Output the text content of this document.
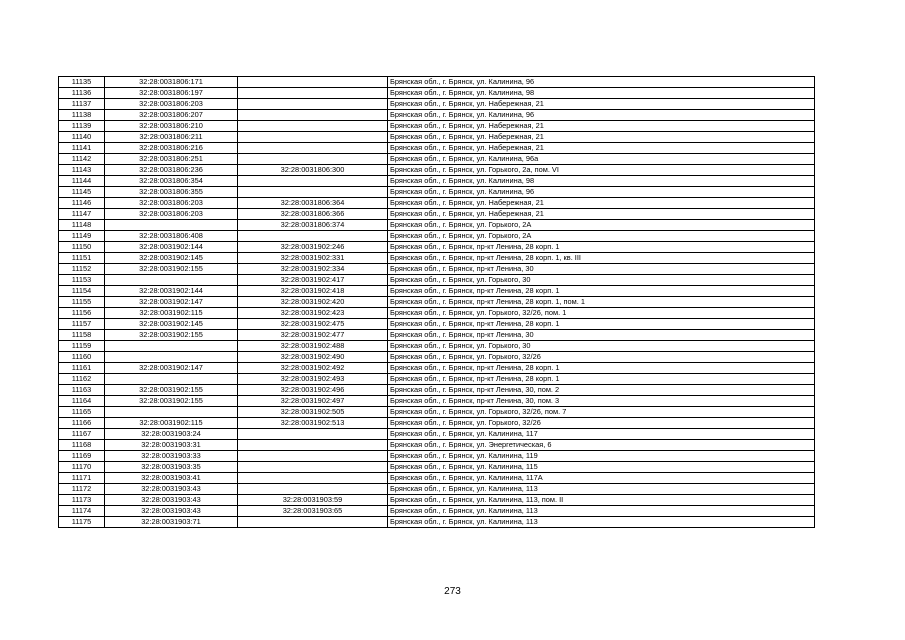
11135	32:28:0031806:171		Брянская обл., г. Брянск, ул. Калинина, 96
11136	32:28:0031806:197		Брянская обл., г. Брянск, ул. Калинина, 98
11137	32:28:0031806:203		Брянская обл., г. Брянск, ул. Набережная, 21
11138	32:28:0031806:207		Брянская обл., г. Брянск, ул. Калинина, 96
11139	32:28:0031806:210		Брянская обл., г. Брянск, ул. Набережная, 21
11140	32:28:0031806:211		Брянская обл., г. Брянск, ул. Набережная, 21
11141	32:28:0031806:216		Брянская обл., г. Брянск, ул. Набережная, 21
11142	32:28:0031806:251		Брянская обл., г. Брянск, ул. Калинина, 96а
11143	32:28:0031806:236	32:28:0031806:300	Брянская обл., г. Брянск, ул. Горького, 2а, пом. VI
11144	32:28:0031806:354		Брянская обл., г. Брянск, ул. Калинина, 98
11145	32:28:0031806:355		Брянская обл., г. Брянск, ул. Калинина, 96
11146	32:28:0031806:203	32:28:0031806:364	Брянская обл., г. Брянск, ул. Набережная, 21
11147	32:28:0031806:203	32:28:0031806:366	Брянская обл., г. Брянск, ул. Набережная, 21
11148		32:28:0031806:374	Брянская обл., г. Брянск, ул. Горького, 2А
11149	32:28:0031806:408		Брянская обл., г. Брянск, ул. Горького, 2А
11150	32:28:0031902:144	32:28:0031902:246	Брянская обл., г. Брянск, пр-кт Ленина, 28 корп. 1
11151	32:28:0031902:145	32:28:0031902:331	Брянская обл., г. Брянск, пр-кт Ленина, 28 корп. 1, кв. III
11152	32:28:0031902:155	32:28:0031902:334	Брянская обл., г. Брянск, пр-кт Ленина, 30
11153		32:28:0031902:417	Брянская обл., г. Брянск, ул. Горького, 30
11154	32:28:0031902:144	32:28:0031902:418	Брянская обл., г. Брянск, пр-кт Ленина, 28 корп. 1
11155	32:28:0031902:147	32:28:0031902:420	Брянская обл., г. Брянск, пр-кт Ленина, 28 корп. 1, пом. 1
11156	32:28:0031902:115	32:28:0031902:423	Брянская обл., г. Брянск, ул. Горького, 32/26, пом. 1
11157	32:28:0031902:145	32:28:0031902:475	Брянская обл., г. Брянск, пр-кт Ленина, 28 корп. 1
11158	32:28:0031902:155	32:28:0031902:477	Брянская обл., г. Брянск, пр-кт Ленина, 30
11159		32:28:0031902:488	Брянская обл., г. Брянск, ул. Горького, 30
11160		32:28:0031902:490	Брянская обл., г. Брянск, ул. Горького, 32/26
11161	32:28:0031902:147	32:28:0031902:492	Брянская обл., г. Брянск, пр-кт Ленина, 28 корп. 1
11162		32:28:0031902:493	Брянская обл., г. Брянск, пр-кт Ленина, 28 корп. 1
11163	32:28:0031902:155	32:28:0031902:496	Брянская обл., г. Брянск, пр-кт Ленина, 30, пом. 2
11164	32:28:0031902:155	32:28:0031902:497	Брянская обл., г. Брянск, пр-кт Ленина, 30, пом. 3
11165		32:28:0031902:505	Брянская обл., г. Брянск, ул. Горького, 32/26, пом. 7
11166	32:28:0031902:115	32:28:0031902:513	Брянская обл., г. Брянск, ул. Горького, 32/26
11167	32:28:0031903:24		Брянская обл., г. Брянск, ул. Калинина, 117
11168	32:28:0031903:31		Брянская обл., г. Брянск, ул. Энергетическая, 6
11169	32:28:0031903:33		Брянская обл., г. Брянск, ул. Калинина, 119
11170	32:28:0031903:35		Брянская обл., г. Брянск, ул. Калинина, 115
11171	32:28:0031903:41		Брянская обл., г. Брянск, ул. Калинина, 117А
11172	32:28:0031903:43		Брянская обл., г. Брянск, ул. Калинина, 113
11173	32:28:0031903:43	32:28:0031903:59	Брянская обл., г. Брянск, ул. Калинина, 113, пом. II
11174	32:28:0031903:43	32:28:0031903:65	Брянская обл., г. Брянск, ул. Калинина, 113
11175	32:28:0031903:71		Брянская обл., г. Брянск, ул. Калинина, 113
273
